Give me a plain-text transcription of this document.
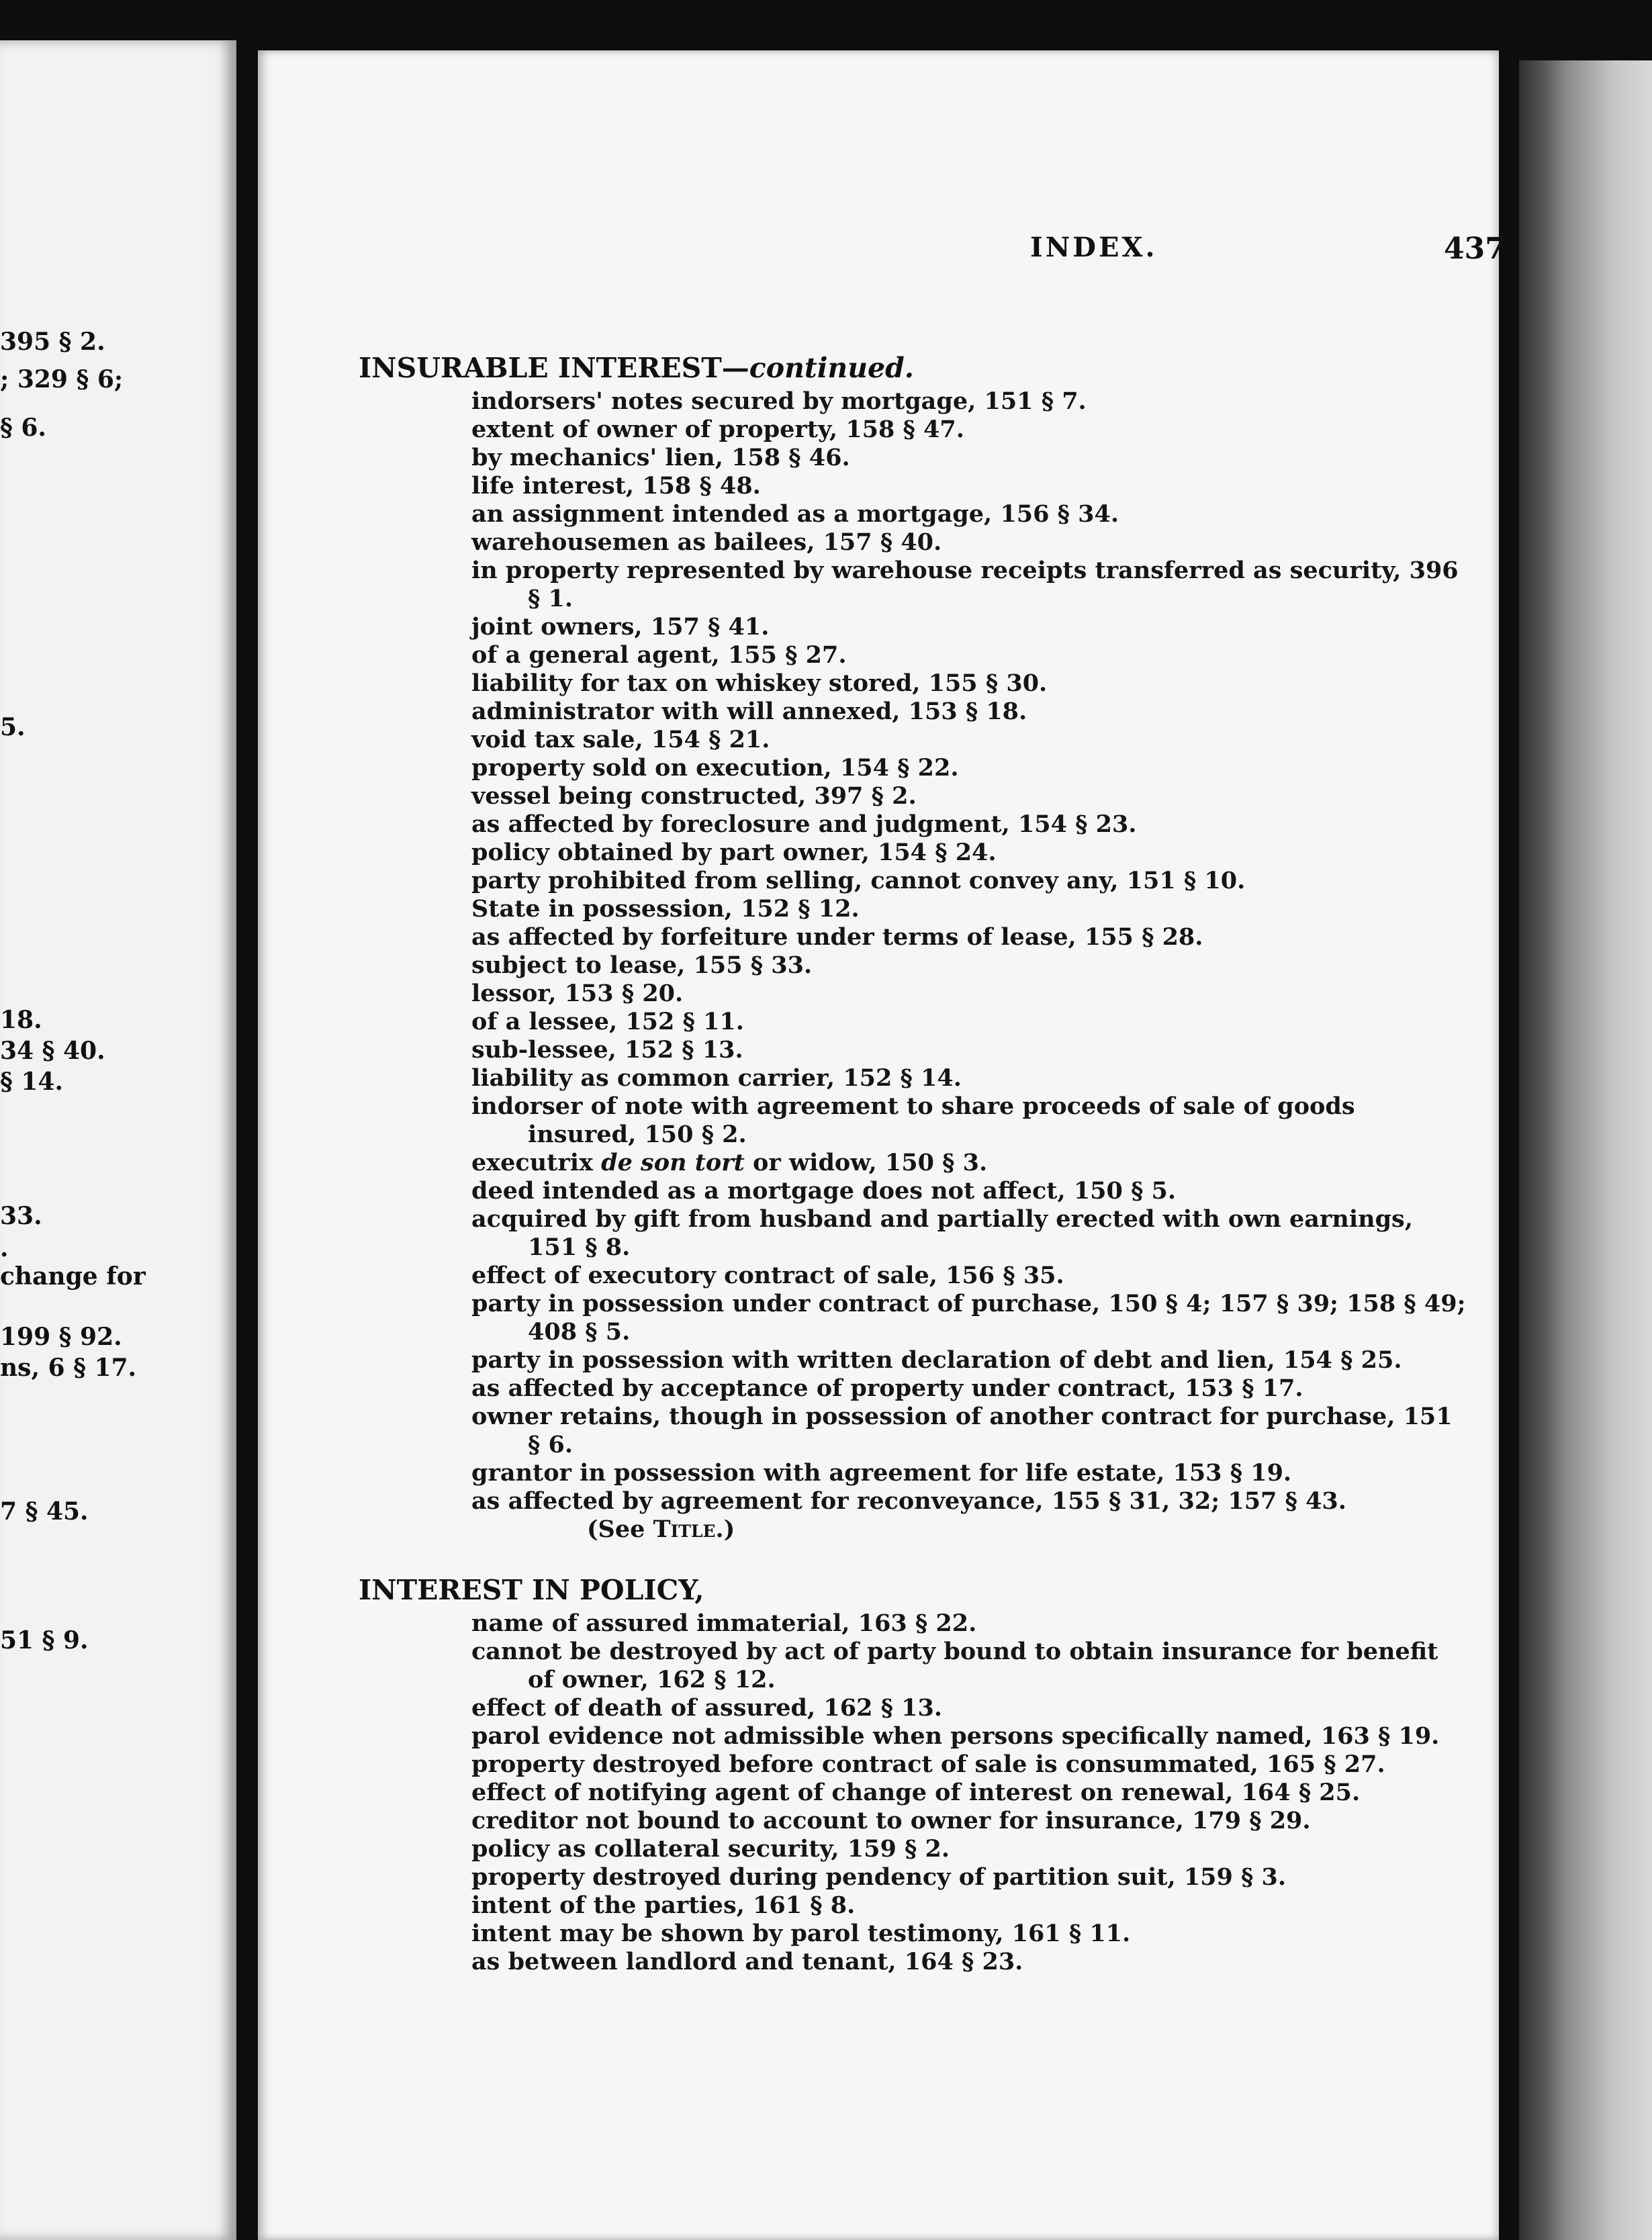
395 § 2.

; 329 § 6;

§ 6.

5.

18.

34 § 40.

§ 14.

33.

.

change for

199 § 92.

ns, 6 § 17.

7 § 45.

51 § 9.

INDEX.	437
INSURABLE INTEREST—continued.
indorsers' notes secured by mortgage, 151 § 7.
extent of owner of property, 158 § 47.
by mechanics' lien, 158 § 46.
life interest, 158 § 48.
an assignment intended as a mortgage, 156 § 34.
warehousemen as bailees, 157 § 40.
in property represented by warehouse receipts transferred as security, 396 § 1.
joint owners, 157 § 41.
of a general agent, 155 § 27.
liability for tax on whiskey stored, 155 § 30.
administrator with will annexed, 153 § 18.
void tax sale, 154 § 21.
property sold on execution, 154 § 22.
vessel being constructed, 397 § 2.
as affected by foreclosure and judgment, 154 § 23.
policy obtained by part owner, 154 § 24.
party prohibited from selling, cannot convey any, 151 § 10.
State in possession, 152 § 12.
as affected by forfeiture under terms of lease, 155 § 28.
subject to lease, 155 § 33.
lessor, 153 § 20.
of a lessee, 152 § 11.
sub-lessee, 152 § 13.
liability as common carrier, 152 § 14.
indorser of note with agreement to share proceeds of sale of goods insured, 150 § 2.
executrix de son tort or widow, 150 § 3.
deed intended as a mortgage does not affect, 150 § 5.
acquired by gift from husband and partially erected with own earnings, 151 § 8.
effect of executory contract of sale, 156 § 35.
party in possession under contract of purchase, 150 § 4; 157 § 39; 158 § 49; 408 § 5.
party in possession with written declaration of debt and lien, 154 § 25.
as affected by acceptance of property under contract, 153 § 17.
owner retains, though in possession of another contract for purchase, 151 § 6.
grantor in possession with agreement for life estate, 153 § 19.
as affected by agreement for reconveyance, 155 § 31, 32; 157 § 43.

(See Title.)

INTEREST IN POLICY,
name of assured immaterial, 163 § 22.
cannot be destroyed by act of party bound to obtain insurance for benefit of owner, 162 § 12.
effect of death of assured, 162 § 13.
parol evidence not admissible when persons specifically named, 163 § 19.
property destroyed before contract of sale is consummated, 165 § 27.
effect of notifying agent of change of interest on renewal, 164 § 25.
creditor not bound to account to owner for insurance, 179 § 29.
policy as collateral security, 159 § 2.
property destroyed during pendency of partition suit, 159 § 3.
intent of the parties, 161 § 8.
intent may be shown by parol testimony, 161 § 11.
as between landlord and tenant, 164 § 23.
